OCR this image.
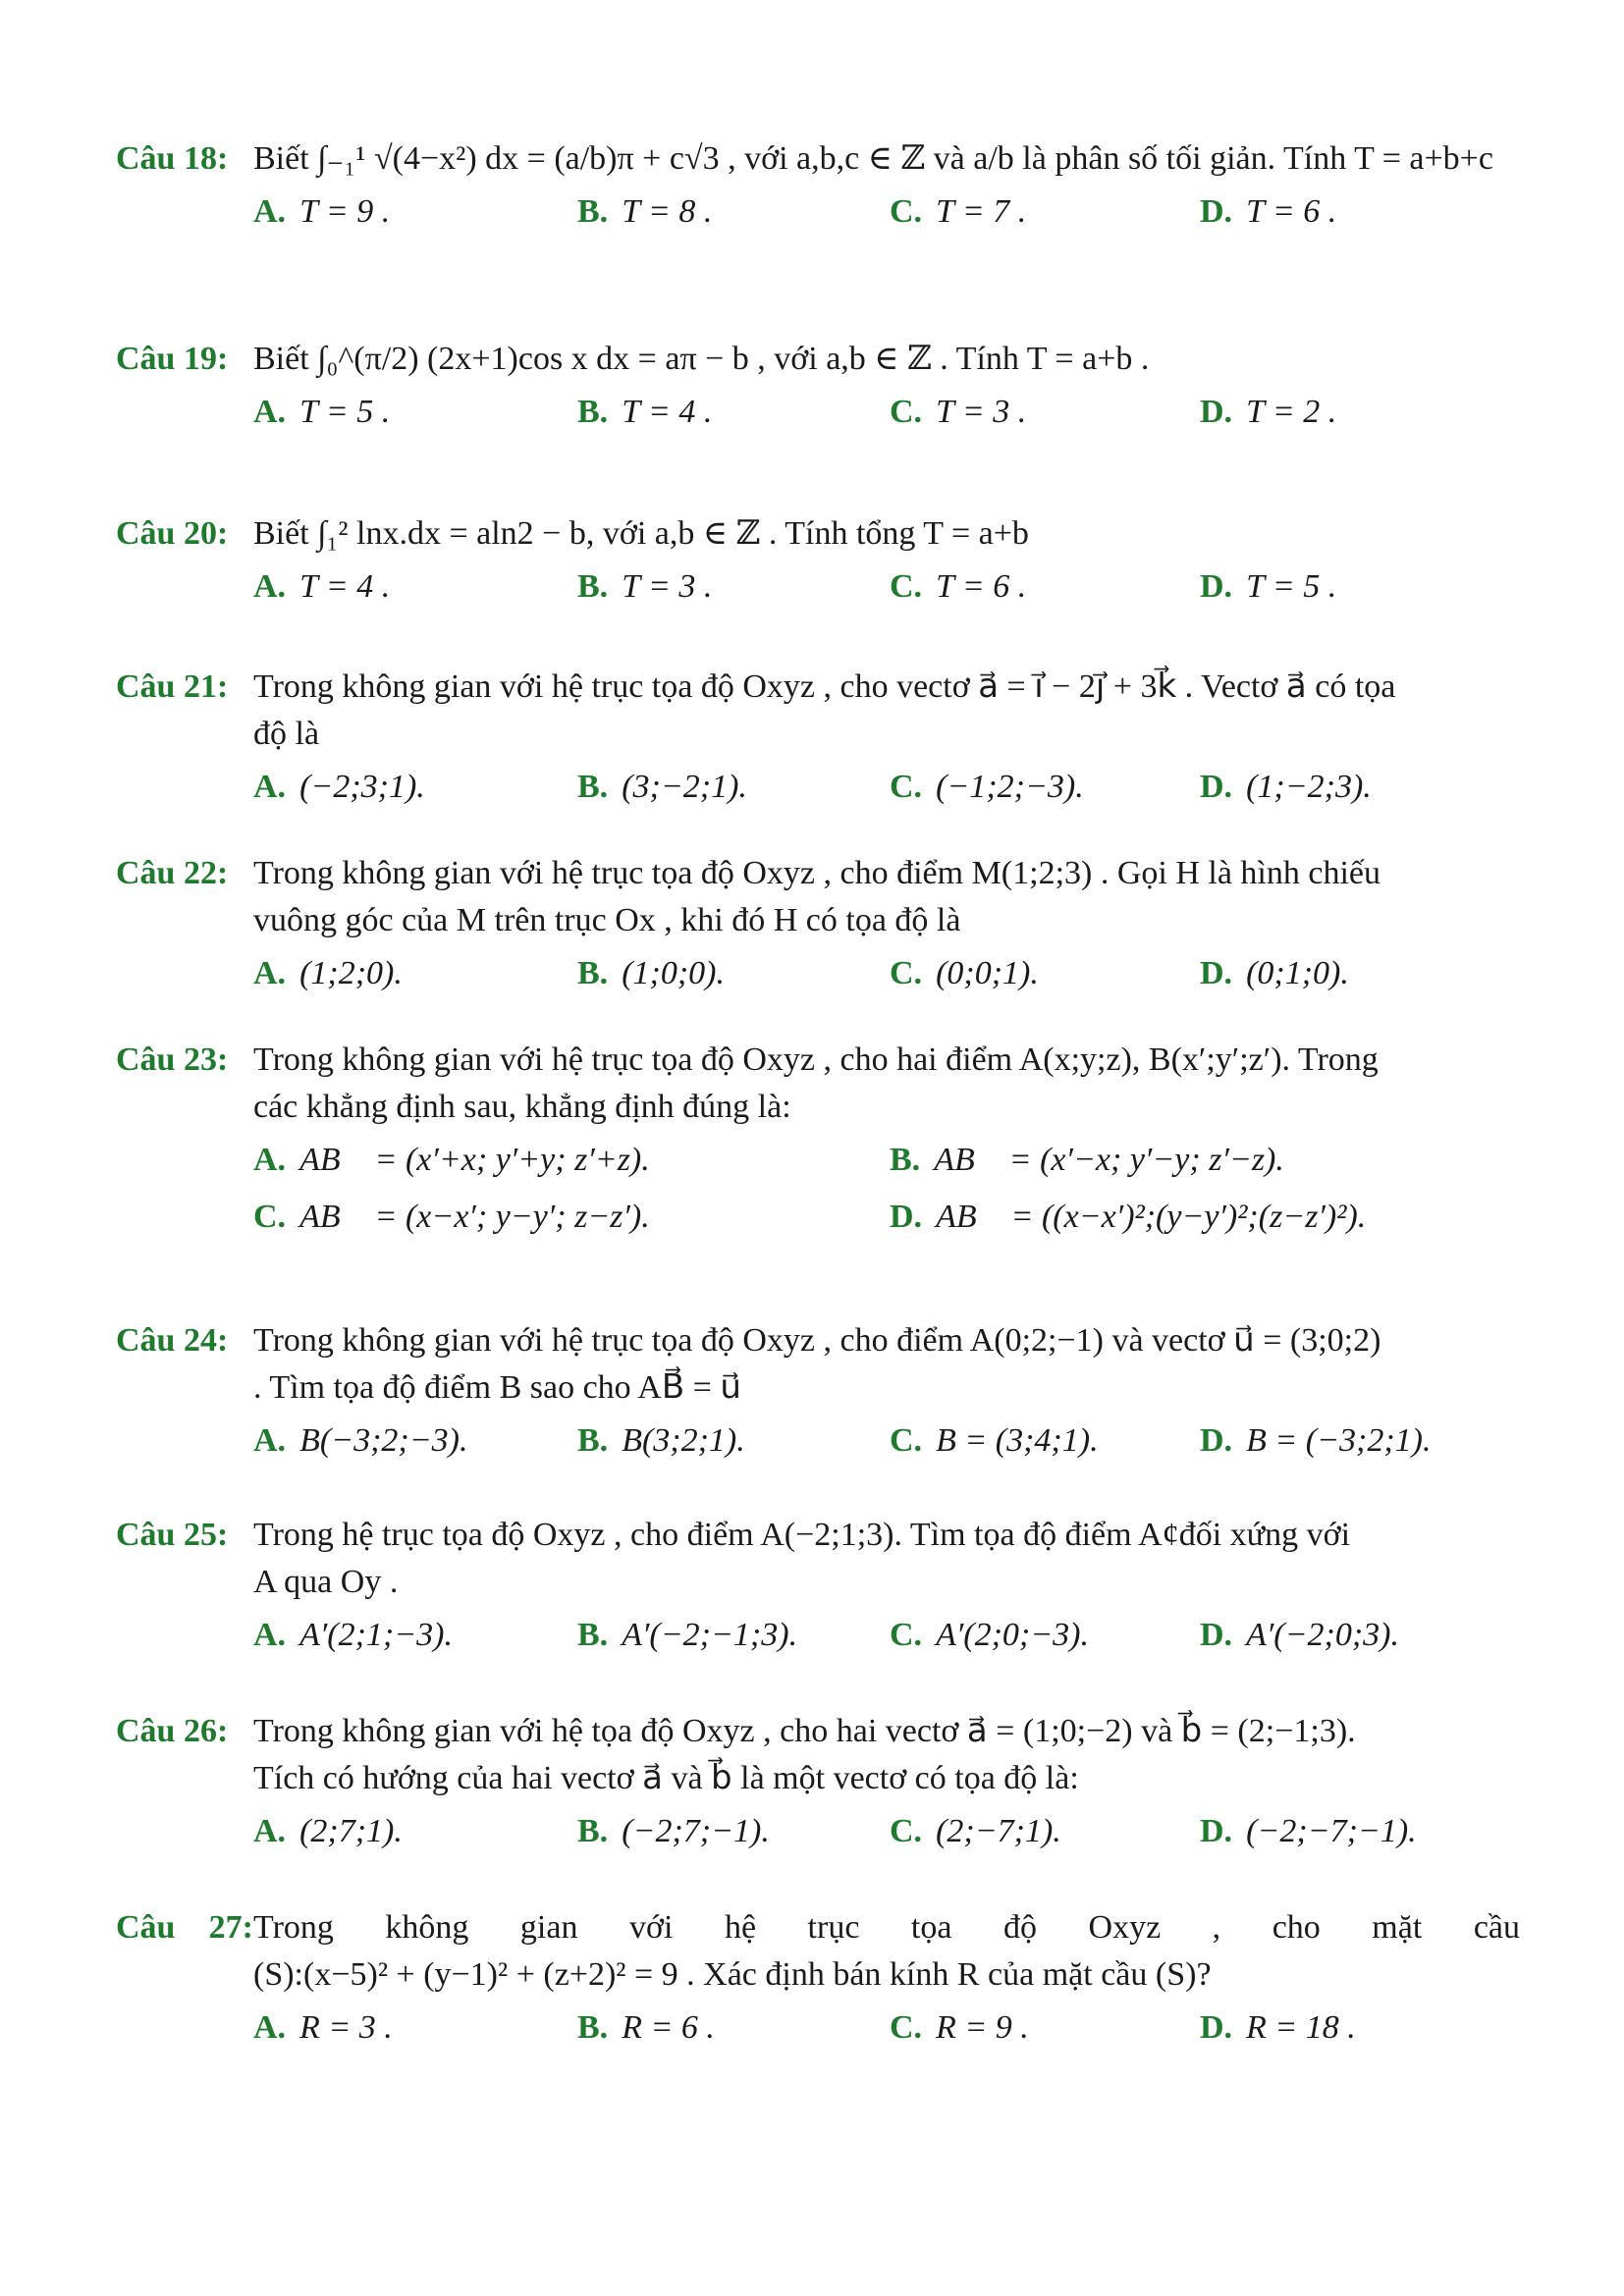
Câu 18: Biết ∫₋₁¹ √(4−x²) dx = (a/b)π + c√3 , với a,b,c ∈ ℤ và a/b là phân số tối giản. Tính T = a+b+c
A. T = 9 .	B. T = 8 .	C. T = 7 .	D. T = 6 .
Câu 19: Biết ∫₀^(π/2) (2x+1)cos x dx = aπ − b , với a,b ∈ ℤ . Tính T = a+b .
A. T = 5 .	B. T = 4 .	C. T = 3 .	D. T = 2 .
Câu 20: Biết ∫₁² lnx.dx = aln2 − b, với a,b ∈ ℤ . Tính tổng T = a+b
A. T = 4 .	B. T = 3 .	C. T = 6 .	D. T = 5 .
Câu 21: Trong không gian với hệ trục tọa độ Oxyz , cho vectơ a⃗ = i⃗ − 2j⃗ + 3k⃗ . Vectơ a⃗ có tọa
độ là
A. (−2;3;1).	B. (3;−2;1).	C. (−1;2;−3).	D. (1;−2;3).
Câu 22: Trong không gian với hệ trục tọa độ Oxyz , cho điểm M(1;2;3) . Gọi H là hình chiếu
vuông góc của M trên trục Ox , khi đó H có tọa độ là
A. (1;2;0).	B. (1;0;0).	C. (0;0;1).	D. (0;1;0).
Câu 23: Trong không gian với hệ trục tọa độ Oxyz , cho hai điểm A(x;y;z), B(x′;y′;z′). Trong
các khẳng định sau, khẳng định đúng là:
A. AB⃗ = (x′+x; y′+y; z′+z).	B. AB⃗ = (x′−x; y′−y; z′−z).
C. AB⃗ = (x−x′; y−y′; z−z′).	D. AB⃗ = ((x−x′)²;(y−y′)²;(z−z′)²).
Câu 24: Trong không gian với hệ trục tọa độ Oxyz , cho điểm A(0;2;−1) và vectơ u⃗ = (3;0;2)
. Tìm tọa độ điểm B sao cho AB⃗ = u⃗
A. B(−3;2;−3).	B. B(3;2;1).	C. B = (3;4;1).	D. B = (−3;2;1).
Câu 25: Trong hệ trục tọa độ Oxyz , cho điểm A(−2;1;3). Tìm tọa độ điểm A¢đối xứng với
A qua Oy .
A. A′(2;1;−3).	B. A′(−2;−1;3).	C. A′(2;0;−3).	D. A′(−2;0;3).
Câu 26: Trong không gian với hệ tọa độ Oxyz , cho hai vectơ a⃗ = (1;0;−2) và b⃗ = (2;−1;3).
Tích có hướng của hai vectơ a⃗ và b⃗ là một vectơ có tọa độ là:
A. (2;7;1).	B. (−2;7;−1).	C. (2;−7;1).	D. (−2;−7;−1).
Câu 27:Trong không gian với hệ trục tọa độ Oxyz , cho mặt cầu
(S):(x−5)² + (y−1)² + (z+2)² = 9 . Xác định bán kính R của mặt cầu (S)?
A. R = 3 .	B. R = 6 .	C. R = 9 .	D. R = 18 .
